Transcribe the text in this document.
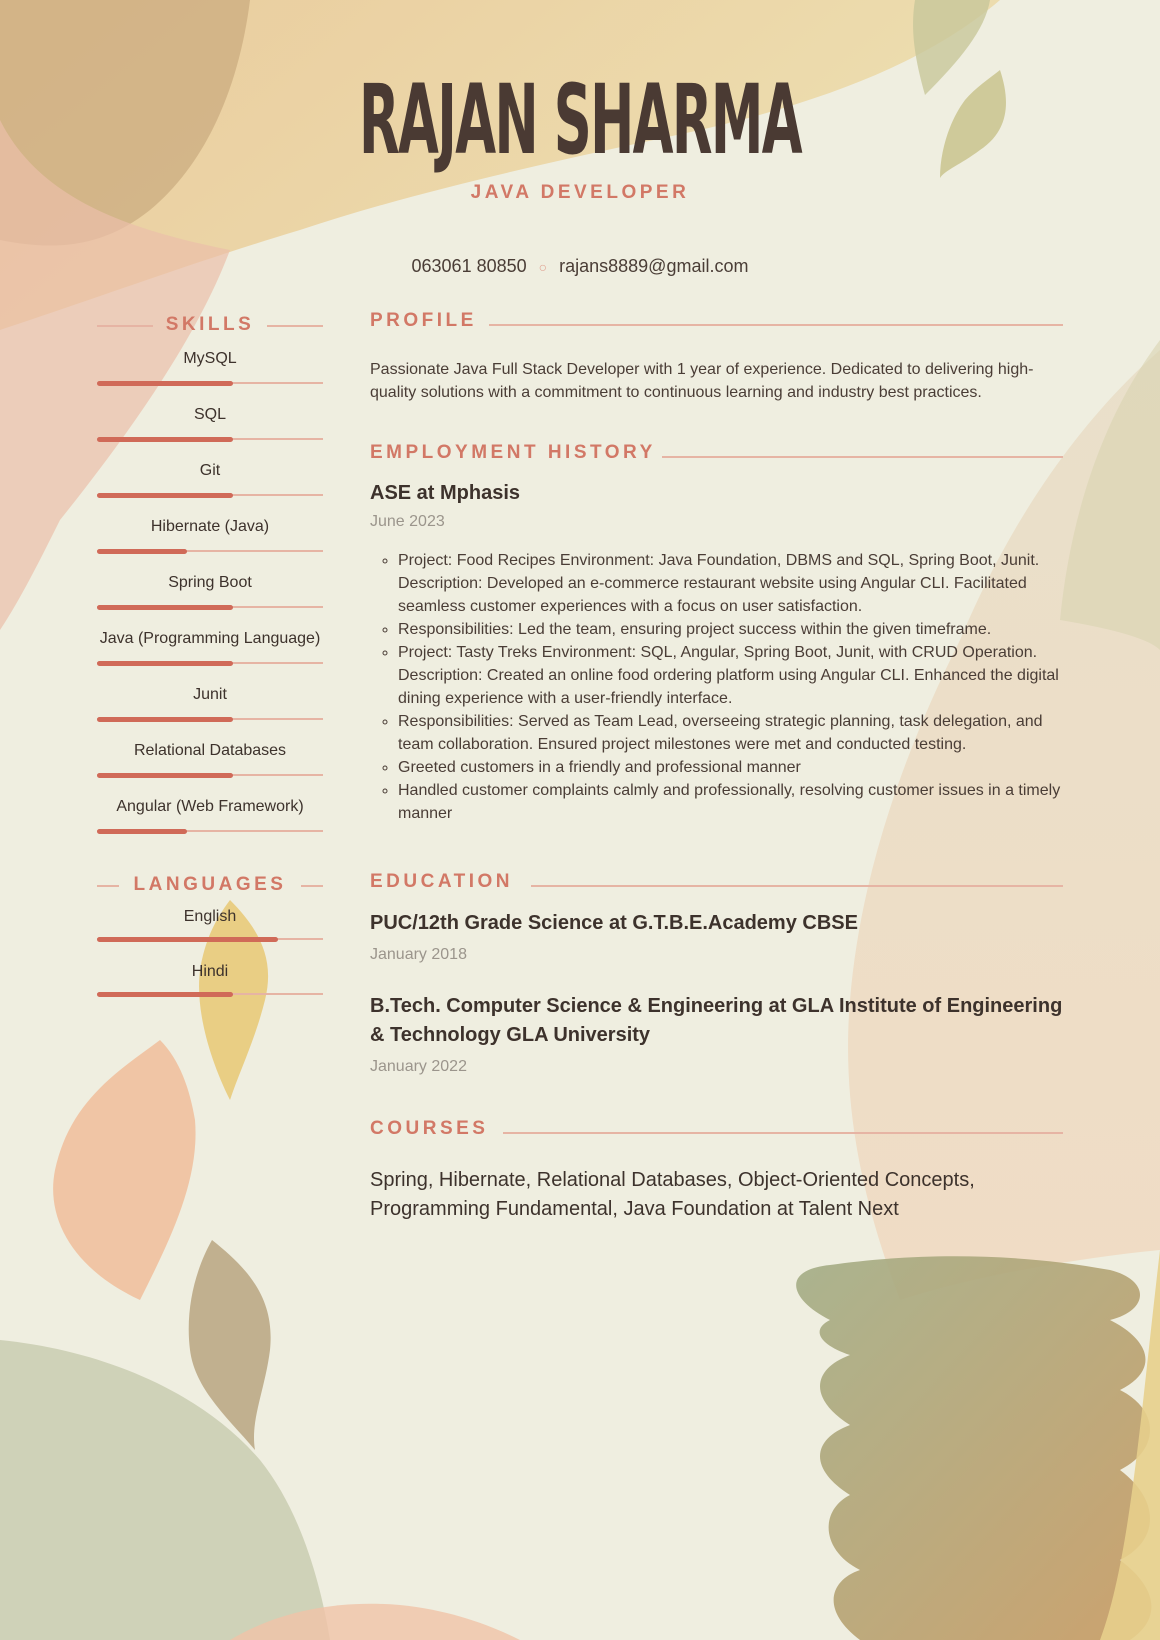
RAJAN SHARMA
JAVA DEVELOPER
063061 80850 ○ rajans8889@gmail.com
SKILLS
MySQL
SQL
Git
Hibernate (Java)
Spring Boot
Java (Programming Language)
Junit
Relational Databases
Angular (Web Framework)
LANGUAGES
English
Hindi
PROFILE

Passionate Java Full Stack Developer with 1 year of experience. Dedicated to delivering high-quality solutions with a commitment to continuous learning and industry best practices.

EMPLOYMENT HISTORY
ASE at Mphasis
June 2023
◦ Project: Food Recipes Environment: Java Foundation, DBMS and SQL, Spring Boot, Junit. Description: Developed an e-commerce restaurant website using Angular CLI. Facilitated seamless customer experiences with a focus on user satisfaction.
◦ Responsibilities: Led the team, ensuring project success within the given timeframe.
◦ Project: Tasty Treks Environment: SQL, Angular, Spring Boot, Junit, with CRUD Operation. Description: Created an online food ordering platform using Angular CLI. Enhanced the digital dining experience with a user-friendly interface.
◦ Responsibilities: Served as Team Lead, overseeing strategic planning, task delegation, and team collaboration. Ensured project milestones were met and conducted testing.
◦ Greeted customers in a friendly and professional manner
◦ Handled customer complaints calmly and professionally, resolving customer issues in a timely manner
EDUCATION
PUC/12th Grade Science at G.T.B.E.Academy CBSE
January 2018
B.Tech. Computer Science & Engineering at GLA Institute of Engineering & Technology GLA University
January 2022
COURSES

Spring, Hibernate, Relational Databases, Object-Oriented Concepts, Programming Fundamental, Java Foundation at Talent Next
